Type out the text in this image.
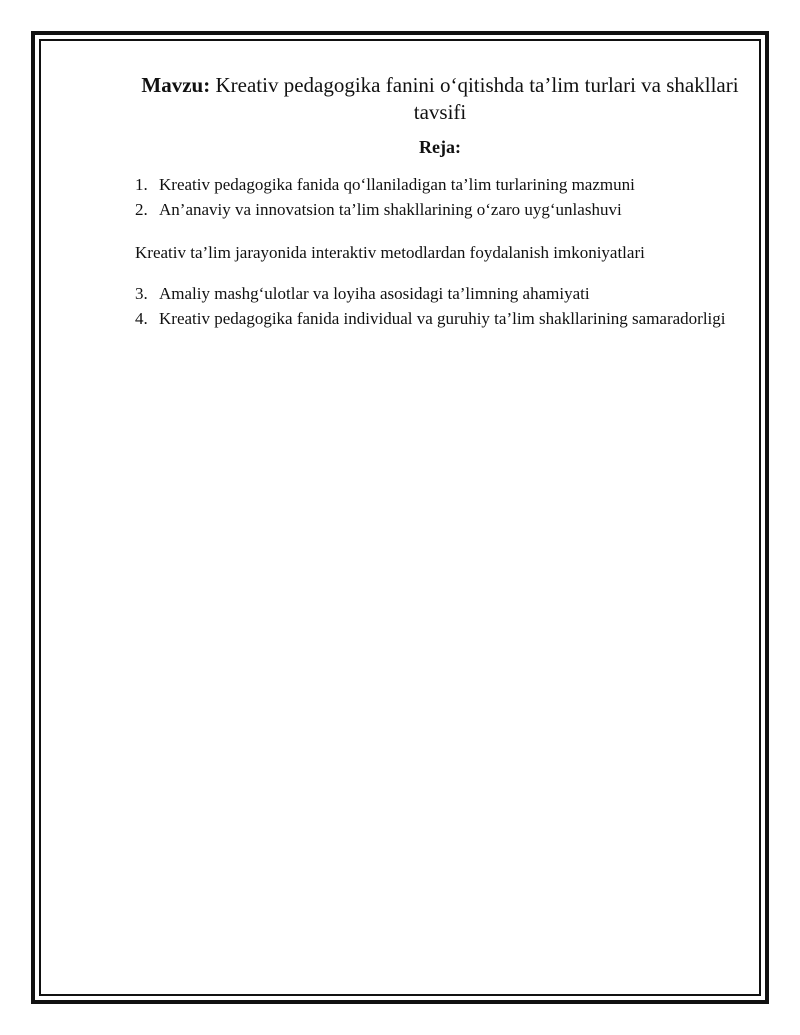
Mavzu: Kreativ pedagogika fanini o‘qitishda ta’lim turlari va shakllari tavsifi

Reja:

1. Kreativ pedagogika fanida qo‘llaniladigan ta’lim turlarining mazmuni
2. An’anaviy va innovatsion ta’lim shakllarining o‘zaro uyg‘unlashuvi

Kreativ ta’lim jarayonida interaktiv metodlardan foydalanish imkoniyatlari

3. Amaliy mashg‘ulotlar va loyiha asosidagi ta’limning ahamiyati
4. Kreativ pedagogika fanida individual va guruhiy ta’lim shakllarining samaradorligi
